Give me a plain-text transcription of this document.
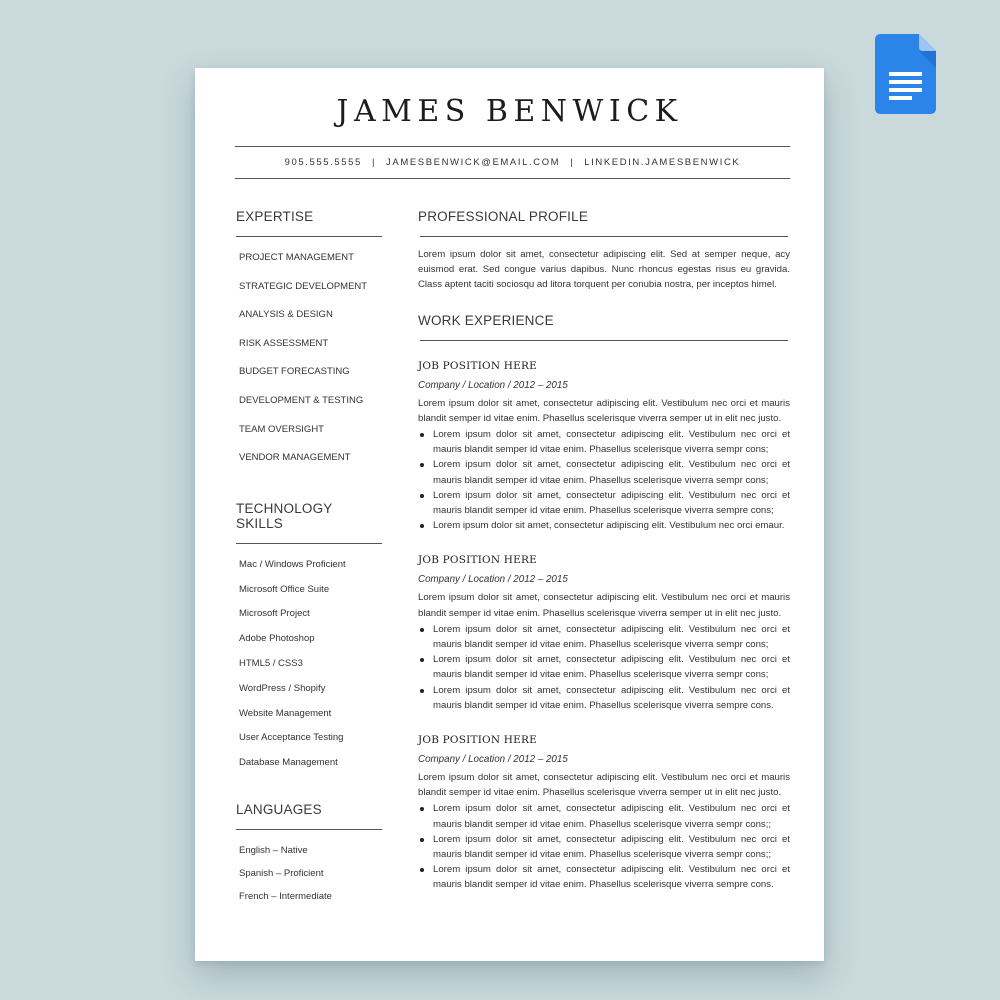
JAMES BENWICK
905.555.5555 | JAMESBENWICK@EMAIL.COM | LINKEDIN.JAMESBENWICK
EXPERTISE
PROJECT MANAGEMENT
STRATEGIC DEVELOPMENT
ANALYSIS & DESIGN
RISK ASSESSMENT
BUDGET FORECASTING
DEVELOPMENT & TESTING
TEAM OVERSIGHT
VENDOR MANAGEMENT
TECHNOLOGY SKILLS
Mac / Windows Proficient
Microsoft Office Suite
Microsoft Project
Adobe Photoshop
HTML5 / CSS3
WordPress / Shopify
Website Management
User Acceptance Testing
Database Management
LANGUAGES
English – Native
Spanish – Proficient
French – Intermediate
PROFESSIONAL PROFILE

Lorem ipsum dolor sit amet, consectetur adipiscing elit. Sed at semper neque, acy euismod erat. Sed congue varius dapibus. Nunc rhoncus egestas risus eu gravida. Class aptent taciti sociosqu ad litora torquent per conubia nostra, per inceptos himel.

WORK EXPERIENCE
JOB POSITION HERE
Company / Location / 2012 – 2015

Lorem ipsum dolor sit amet, consectetur adipiscing elit. Vestibulum nec orci et mauris blandit semper id vitae enim. Phasellus scelerisque viverra semper ut in elit nec justo.

Lorem ipsum dolor sit amet, consectetur adipiscing elit. Vestibulum nec orci et mauris blandit semper id vitae enim. Phasellus scelerisque viverra sempr cons;
Lorem ipsum dolor sit amet, consectetur adipiscing elit. Vestibulum nec orci et mauris blandit semper id vitae enim. Phasellus scelerisque viverra sempr cons;
Lorem ipsum dolor sit amet, consectetur adipiscing elit. Vestibulum nec orci et mauris blandit semper id vitae enim. Phasellus scelerisque viverra sempre cons;
Lorem ipsum dolor sit amet, consectetur adipiscing elit. Vestibulum nec orci emaur.
JOB POSITION HERE
Company / Location / 2012 – 2015

Lorem ipsum dolor sit amet, consectetur adipiscing elit. Vestibulum nec orci et mauris blandit semper id vitae enim. Phasellus scelerisque viverra semper ut in elit nec justo.

Lorem ipsum dolor sit amet, consectetur adipiscing elit. Vestibulum nec orci et mauris blandit semper id vitae enim. Phasellus scelerisque viverra sempr cons;
Lorem ipsum dolor sit amet, consectetur adipiscing elit. Vestibulum nec orci et mauris blandit semper id vitae enim. Phasellus scelerisque viverra sempr cons;
Lorem ipsum dolor sit amet, consectetur adipiscing elit. Vestibulum nec orci et mauris blandit semper id vitae enim. Phasellus scelerisque viverra sempre cons.
JOB POSITION HERE
Company / Location / 2012 – 2015

Lorem ipsum dolor sit amet, consectetur adipiscing elit. Vestibulum nec orci et mauris blandit semper id vitae enim. Phasellus scelerisque viverra semper ut in elit nec justo.

Lorem ipsum dolor sit amet, consectetur adipiscing elit. Vestibulum nec orci et mauris blandit semper id vitae enim. Phasellus scelerisque viverra sempr cons;;
Lorem ipsum dolor sit amet, consectetur adipiscing elit. Vestibulum nec orci et mauris blandit semper id vitae enim. Phasellus scelerisque viverra sempr cons;;
Lorem ipsum dolor sit amet, consectetur adipiscing elit. Vestibulum nec orci et mauris blandit semper id vitae enim. Phasellus scelerisque viverra sempre cons.
